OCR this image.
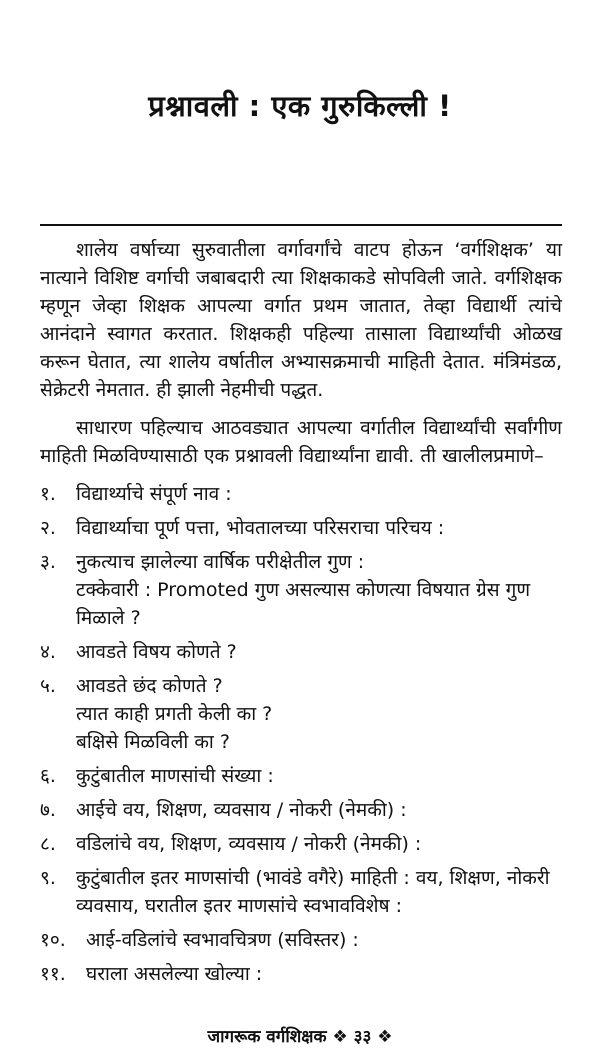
प्रश्नावली : एक गुरुकिल्ली !

शालेय वर्षाच्या सुरुवातीला वर्गावर्गांचे वाटप होऊन ‘वर्गशिक्षक’ या नात्याने विशिष्ट वर्गाची जबाबदारी त्या शिक्षकाकडे सोपविली जाते. वर्गशिक्षक म्हणून जेव्हा शिक्षक आपल्या वर्गात प्रथम जातात, तेव्हा विद्यार्थी त्यांचे आनंदाने स्वागत करतात. शिक्षकही पहिल्या तासाला विद्यार्थ्यांची ओळख करून घेतात, त्या शालेय वर्षातील अभ्यासक्रमाची माहिती देतात. मंत्रिमंडळ, सेक्रेटरी नेमतात. ही झाली नेहमीची पद्धत.

साधारण पहिल्याच आठवड्यात आपल्या वर्गातील विद्यार्थ्यांची सर्वांगीण माहिती मिळविण्यासाठी एक प्रश्नावली विद्यार्थ्यांना द्यावी. ती खालीलप्रमाणे–

१.	विद्यार्थ्याचे संपूर्ण नाव :
२.	विद्यार्थ्याचा पूर्ण पत्ता, भोवतालच्या परिसराचा परिचय :
३.	नुकत्याच झालेल्या वार्षिक परीक्षेतील गुण :
टक्केवारी : Promoted गुण असल्यास कोणत्या विषयात ग्रेस गुण मिळाले ?
४.	आवडते विषय कोणते ?
५.	आवडते छंद कोणते ?
त्यात काही प्रगती केली का ?
बक्षिसे मिळविली का ?
६.	कुटुंबातील माणसांची संख्या :
७.	आईचे वय, शिक्षण, व्यवसाय / नोकरी (नेमकी) :
८.	वडिलांचे वय, शिक्षण, व्यवसाय / नोकरी (नेमकी) :
९.	कुटुंबातील इतर माणसांची (भावंडे वगैरे) माहिती : वय, शिक्षण, नोकरी व्यवसाय, घरातील इतर माणसांचे स्वभावविशेष :
१०.	आई-वडिलांचे स्वभावचित्रण (सविस्तर) :
११.	घराला असलेल्या खोल्या :
जागरूक वर्गशिक्षक ❖ ३३ ❖
